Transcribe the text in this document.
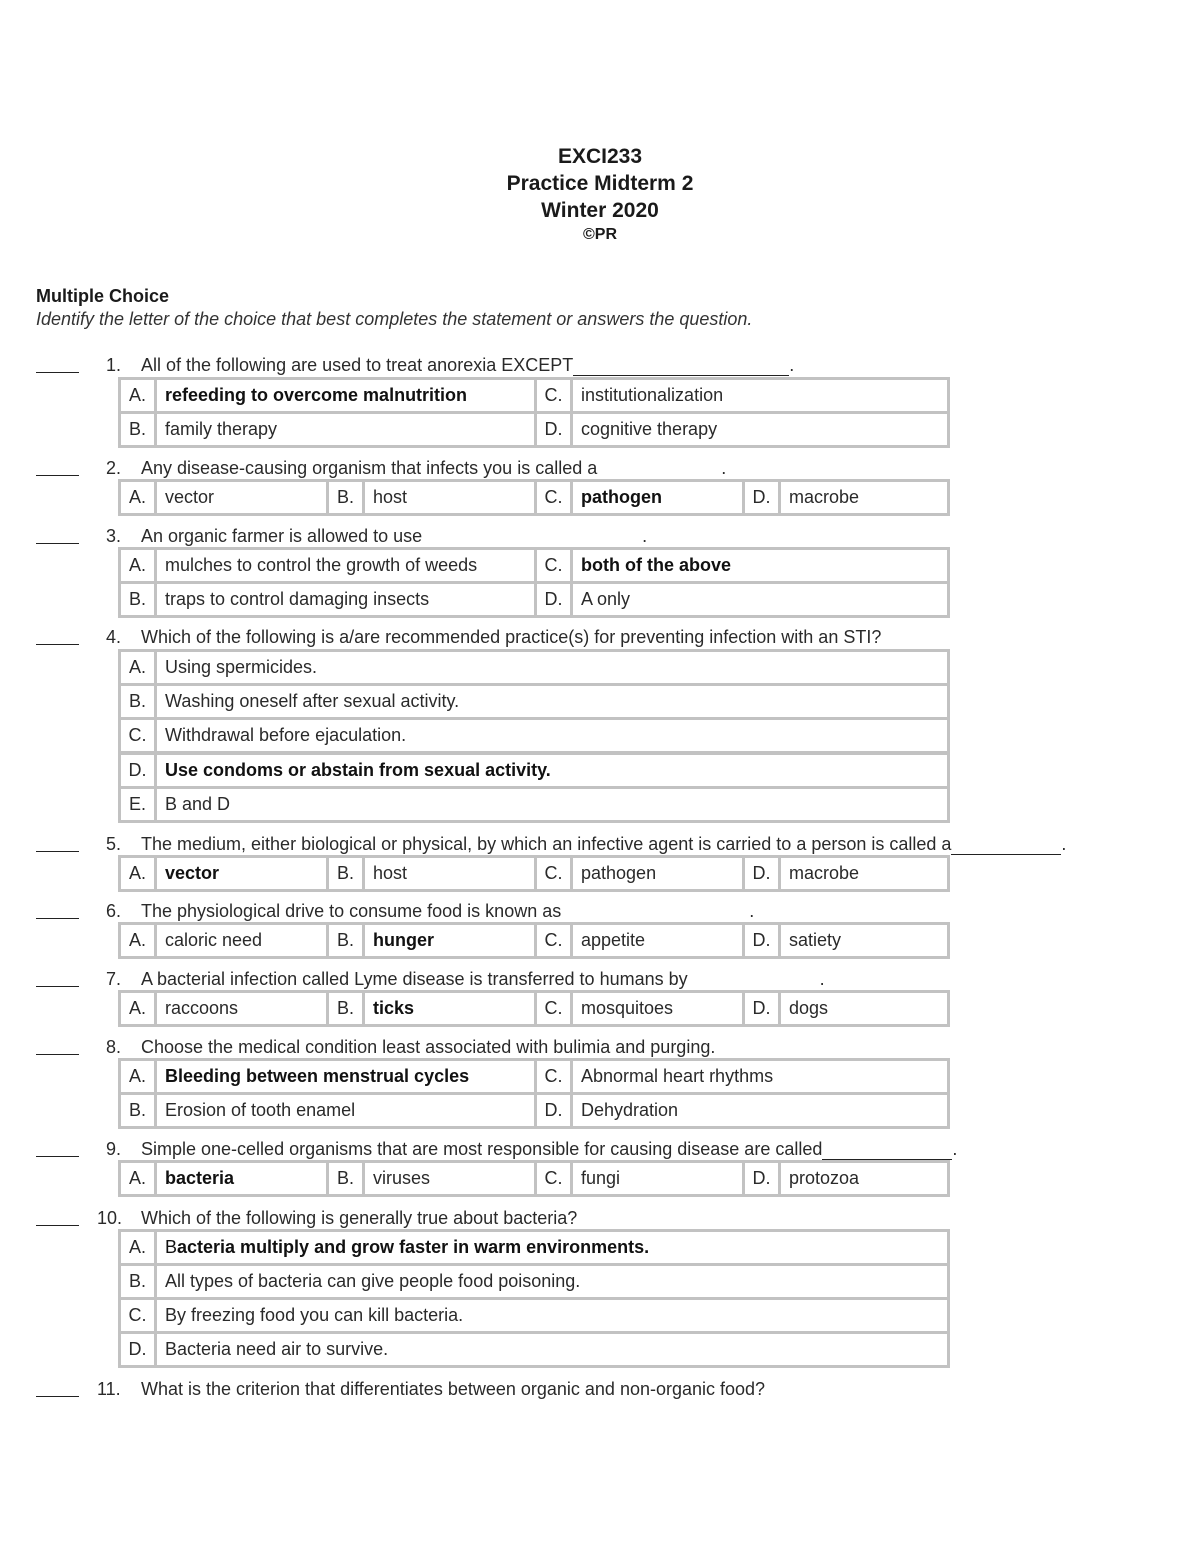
EXCI233
Practice Midterm 2
Winter 2020
©PR
Multiple Choice
Identify the letter of the choice that best completes the statement or answers the question.
1.	All of the following are used to treat anorexia EXCEPT	.
A.	refeeding to overcome malnutrition	C.	institutionalization
B.	family therapy	D.	cognitive therapy
2.	Any disease-causing organism that infects you is called a	.
A.	vector	B.	host	C.	pathogen	D.	macrobe
3.	An organic farmer is allowed to use	.
A.	mulches to control the growth of weeds	C.	both of the above
B.	traps to control damaging insects	D.	A only
4.	Which of the following is a/are recommended practice(s) for preventing infection with an STI?
A.	Using spermicides.
B.	Washing oneself after sexual activity.
C.	Withdrawal before ejaculation.
D.	Use condoms or abstain from sexual activity.
E.	B and D
5.	The medium, either biological or physical, by which an infective agent is carried to a person is called a	.
A.	vector	B.	host	C.	pathogen	D.	macrobe
6.	The physiological drive to consume food is known as	.
A.	caloric need	B.	hunger	C.	appetite	D.	satiety
7.	A bacterial infection called Lyme disease is transferred to humans by	.
A.	raccoons	B.	ticks	C.	mosquitoes	D.	dogs
8.	Choose the medical condition least associated with bulimia and purging.
A.	Bleeding between menstrual cycles	C.	Abnormal heart rhythms
B.	Erosion of tooth enamel	D.	Dehydration
9.	Simple one-celled organisms that are most responsible for causing disease are called	.
A.	bacteria	B.	viruses	C.	fungi	D.	protozoa
10. Which of the following is generally true about bacteria?
A.	Bacteria multiply and grow faster in warm environments.
B.	All types of bacteria can give people food poisoning.
C.	By freezing food you can kill bacteria.
D.	Bacteria need air to survive.
11. What is the criterion that differentiates between organic and non-organic food?
